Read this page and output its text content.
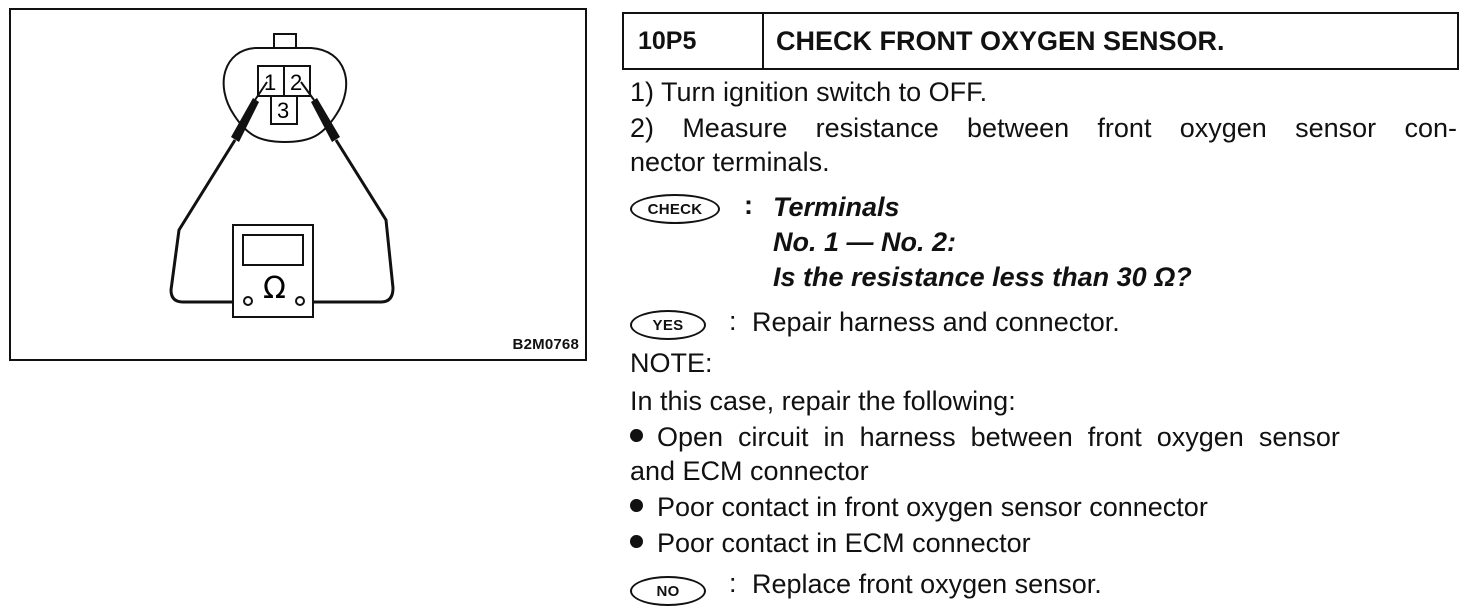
1 2
3
Ω
B2M0768
10P5	CHECK FRONT OXYGEN SENSOR.
1) Turn ignition switch to OFF.
2) Measure resistance between front oxygen sensor con-
nector terminals.
CHECK	: Terminals
No. 1 — No. 2:
Is the resistance less than 30 Ω?
YES	: Repair harness and connector.
NOTE:
In this case, repair the following:
Open  circuit  in  harness  between  front  oxygen  sensor
and ECM connector
Poor contact in front oxygen sensor connector
Poor contact in ECM connector
NO	: Replace front oxygen sensor.
